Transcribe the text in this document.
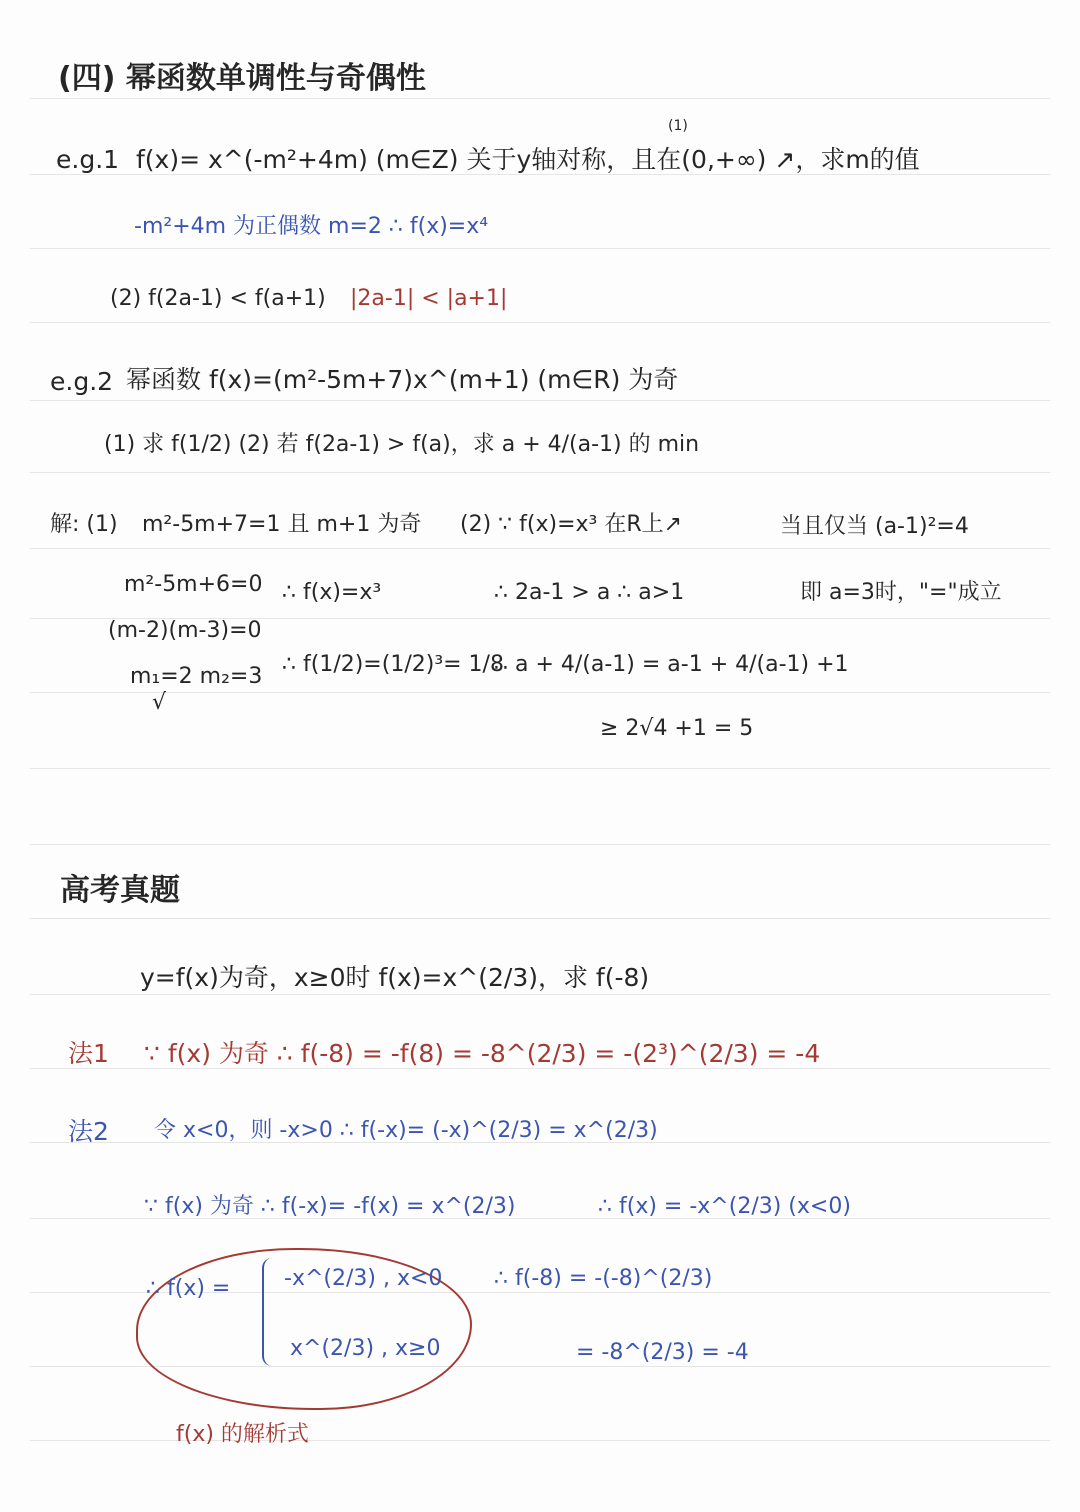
(四) 幂函数单调性与奇偶性
e.g.1
(1)
f(x)= x^(-m²+4m) (m∈Z) 关于y轴对称，且在(0,+∞) ↗，求m的值
-m²+4m 为正偶数 m=2 ∴ f(x)=x⁴
(2) f(2a-1) < f(a+1) |2a-1| < |a+1|
e.g.2 幂函数 f(x)=(m²-5m+7)x^(m+1) (m∈R) 为奇
(1) 求 f(1/2) (2) 若 f(2a-1) > f(a)，求 a + 4/(a-1) 的 min
解: (1) m²-5m+7=1 且 m+1 为奇
m²-5m+6=0
(m-2)(m-3)=0
m₁=2 m₂=3
√
∴ f(x)=x³
∴ f(1/2)=(1/2)³= 1/8
(2) ∵ f(x)=x³ 在R上↗
∴ 2a-1 > a ∴ a>1
∴ a + 4/(a-1) = a-1 + 4/(a-1) +1
≥ 2√4 +1 = 5
当且仅当 (a-1)²=4
即 a=3时，"="成立
高考真题
y=f(x)为奇，x≥0时 f(x)=x^(2/3)，求 f(-8)
法1 ∵ f(x) 为奇 ∴ f(-8) = -f(8) = -8^(2/3) = -(2³)^(2/3) = -4
法2 令 x<0，则 -x>0 ∴ f(-x)= (-x)^(2/3) = x^(2/3)
∵ f(x) 为奇 ∴ f(-x)= -f(x) = x^(2/3)	∴ f(x) = -x^(2/3) (x<0)
∴ f(x) = -x^(2/3) , x<0
x^(2/3) , x≥0
∴ f(-8) = -(-8)^(2/3)
= -8^(2/3) = -4
f(x) 的解析式
